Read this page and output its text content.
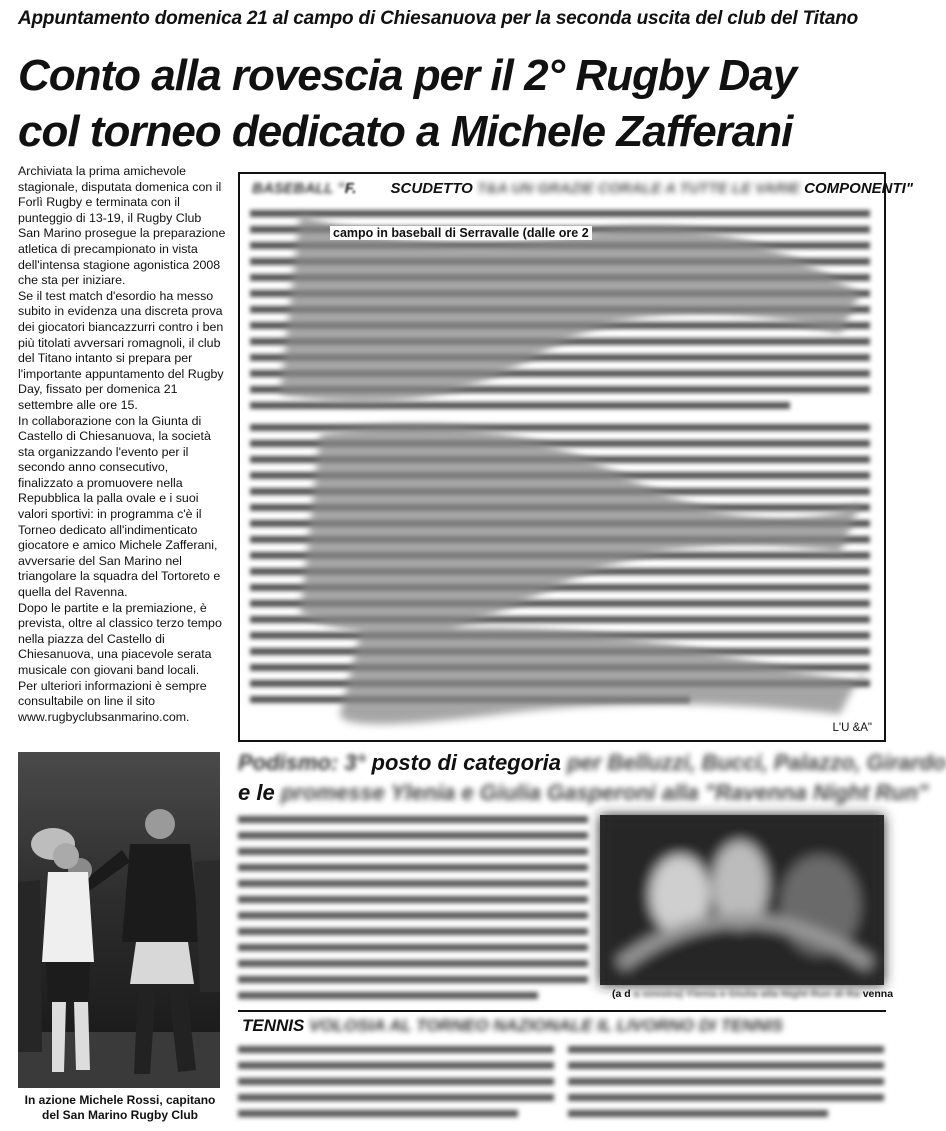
Appuntamento domenica 21 al campo di Chiesanuova per la seconda uscita del club del Titano
Conto alla rovescia per il 2° Rugby Day
col torneo dedicato a Michele Zafferani

Archiviata la prima amichevole stagionale, disputata domenica con il Forlì Rugby e terminata con il punteggio di 13-19, il Rugby Club San Marino prosegue la preparazione atletica di precampionato in vista dell'intensa stagione agonistica 2008 che sta per iniziare.

Se il test match d'esordio ha messo subito in evidenza una discreta prova dei giocatori biancazzurri contro i ben più titolati avversari romagnoli, il club del Titano intanto si prepara per l'importante appuntamento del Rugby Day, fissato per domenica 21 settembre alle ore 15.

In collaborazione con la Giunta di Castello di Chiesanuova, la società sta organizzando l'evento per il secondo anno consecutivo, finalizzato a promuovere nella Repubblica la palla ovale e i suoi valori sportivi: in programma c'è il Torneo dedicato all'indimenticato giocatore e amico Michele Zafferani, avversarie del San Marino nel triangolare la squadra del Tortoreto e quella del Ravenna.

Dopo le partite e la premiazione, è prevista, oltre al classico terzo tempo nella piazza del Castello di Chiesanuova, una piacevole serata musicale con giovani band locali.

Per ulteriori informazioni è sempre consultabile on line il sito www.rugbyclubsanmarino.com.

In azione Michele Rossi, capitano
del San Marino Rugby Club
BASEBALL "F. SCUDETTO T&A UN GRAZIE CORALE A TUTTE LE VARIE COMPONENTI"
campo in baseball di Serravalle (dalle ore 2
L'U &A"
Podismo: 3° posto di categoria per Belluzzi, Bucci, Palazzo, Girardo
e le promesse Ylenia e Giulia Gasperoni alla "Ravenna Night Run"
(a d a sinistra) Ylenia e Giulia alla Night Run di Ra venna
TENNIS VOLOSIA AL TORNEO NAZIONALE IL LIVORNO DI TENNIS
